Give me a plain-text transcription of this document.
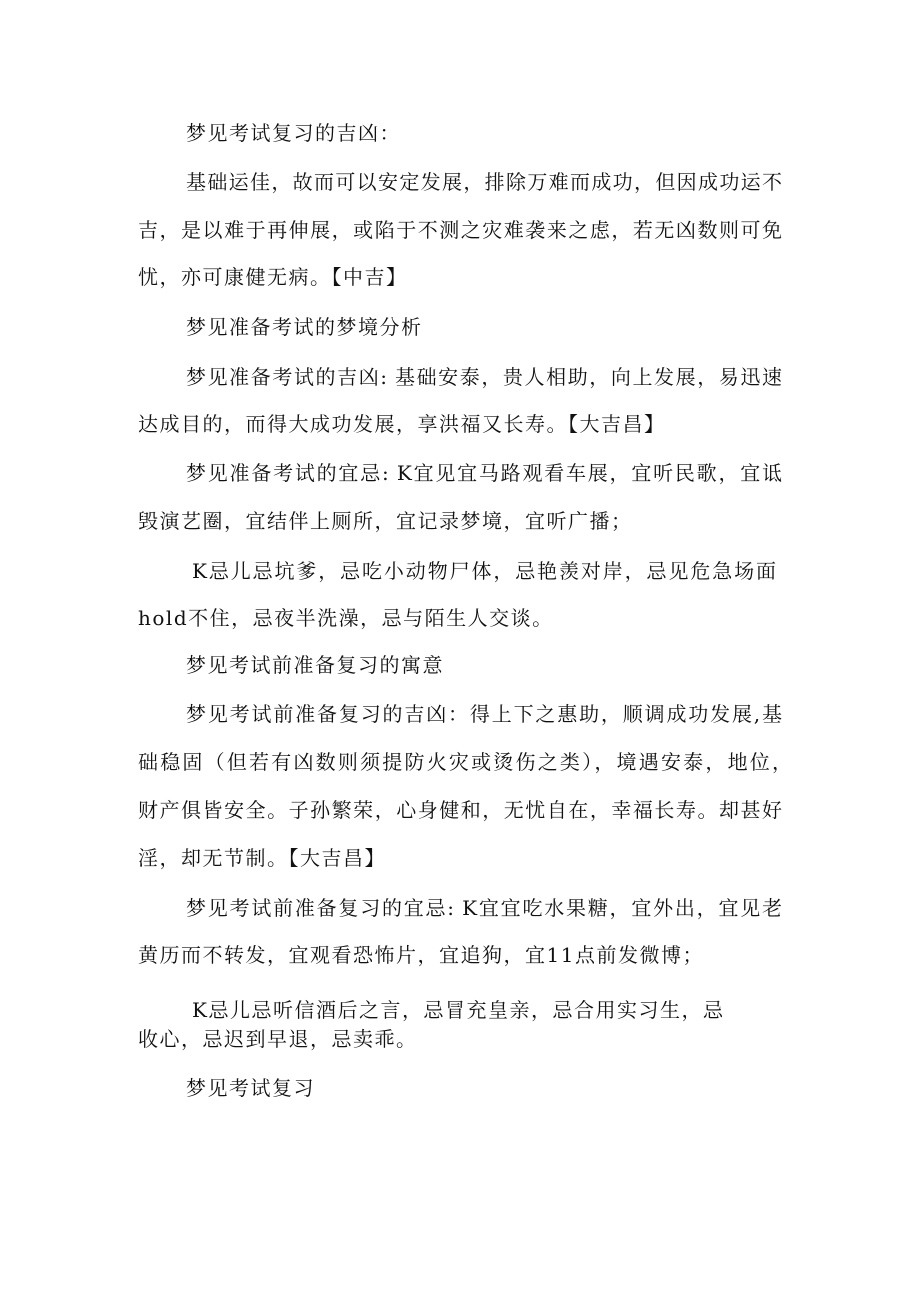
梦见考试复习的吉凶：
基础运佳，故而可以安定发展，排除万难而成功，但因成功运不
吉，是以难于再伸展，或陷于不测之灾难袭来之虑，若无凶数则可免
忧，亦可康健无病。【中吉】
梦见准备考试的梦境分析
梦见准备考试的吉凶: 基础安泰，贵人相助，向上发展，易迅速
达成目的，而得大成功发展，享洪福又长寿。【大吉昌】
梦见准备考试的宜忌: K宜见宜马路观看车展，宜听民歌，宜诋
毁演艺圈，宜结伴上厕所，宜记录梦境，宜听广播；
K忌儿忌坑爹，忌吃小动物尸体，忌艳羡对岸，忌见危急场面
hold不住，忌夜半洗澡，忌与陌生人交谈。
梦见考试前准备复习的寓意
梦见考试前准备复习的吉凶：得上下之惠助，顺调成功发展,基
础稳固（但若有凶数则须提防火灾或烫伤之类），境遇安泰，地位，
财产俱皆安全。子孙繁荣，心身健和，无忧自在，幸福长寿。却甚好
淫，却无节制。【大吉昌】
梦见考试前准备复习的宜忌: K宜宜吃水果糖，宜外出，宜见老
黄历而不转发，宜观看恐怖片，宜追狗，宜11点前发微博；
K忌儿忌听信酒后之言，忌冒充皇亲，忌合用实习生，忌
收心，忌迟到早退，忌卖乖。
梦见考试复习
